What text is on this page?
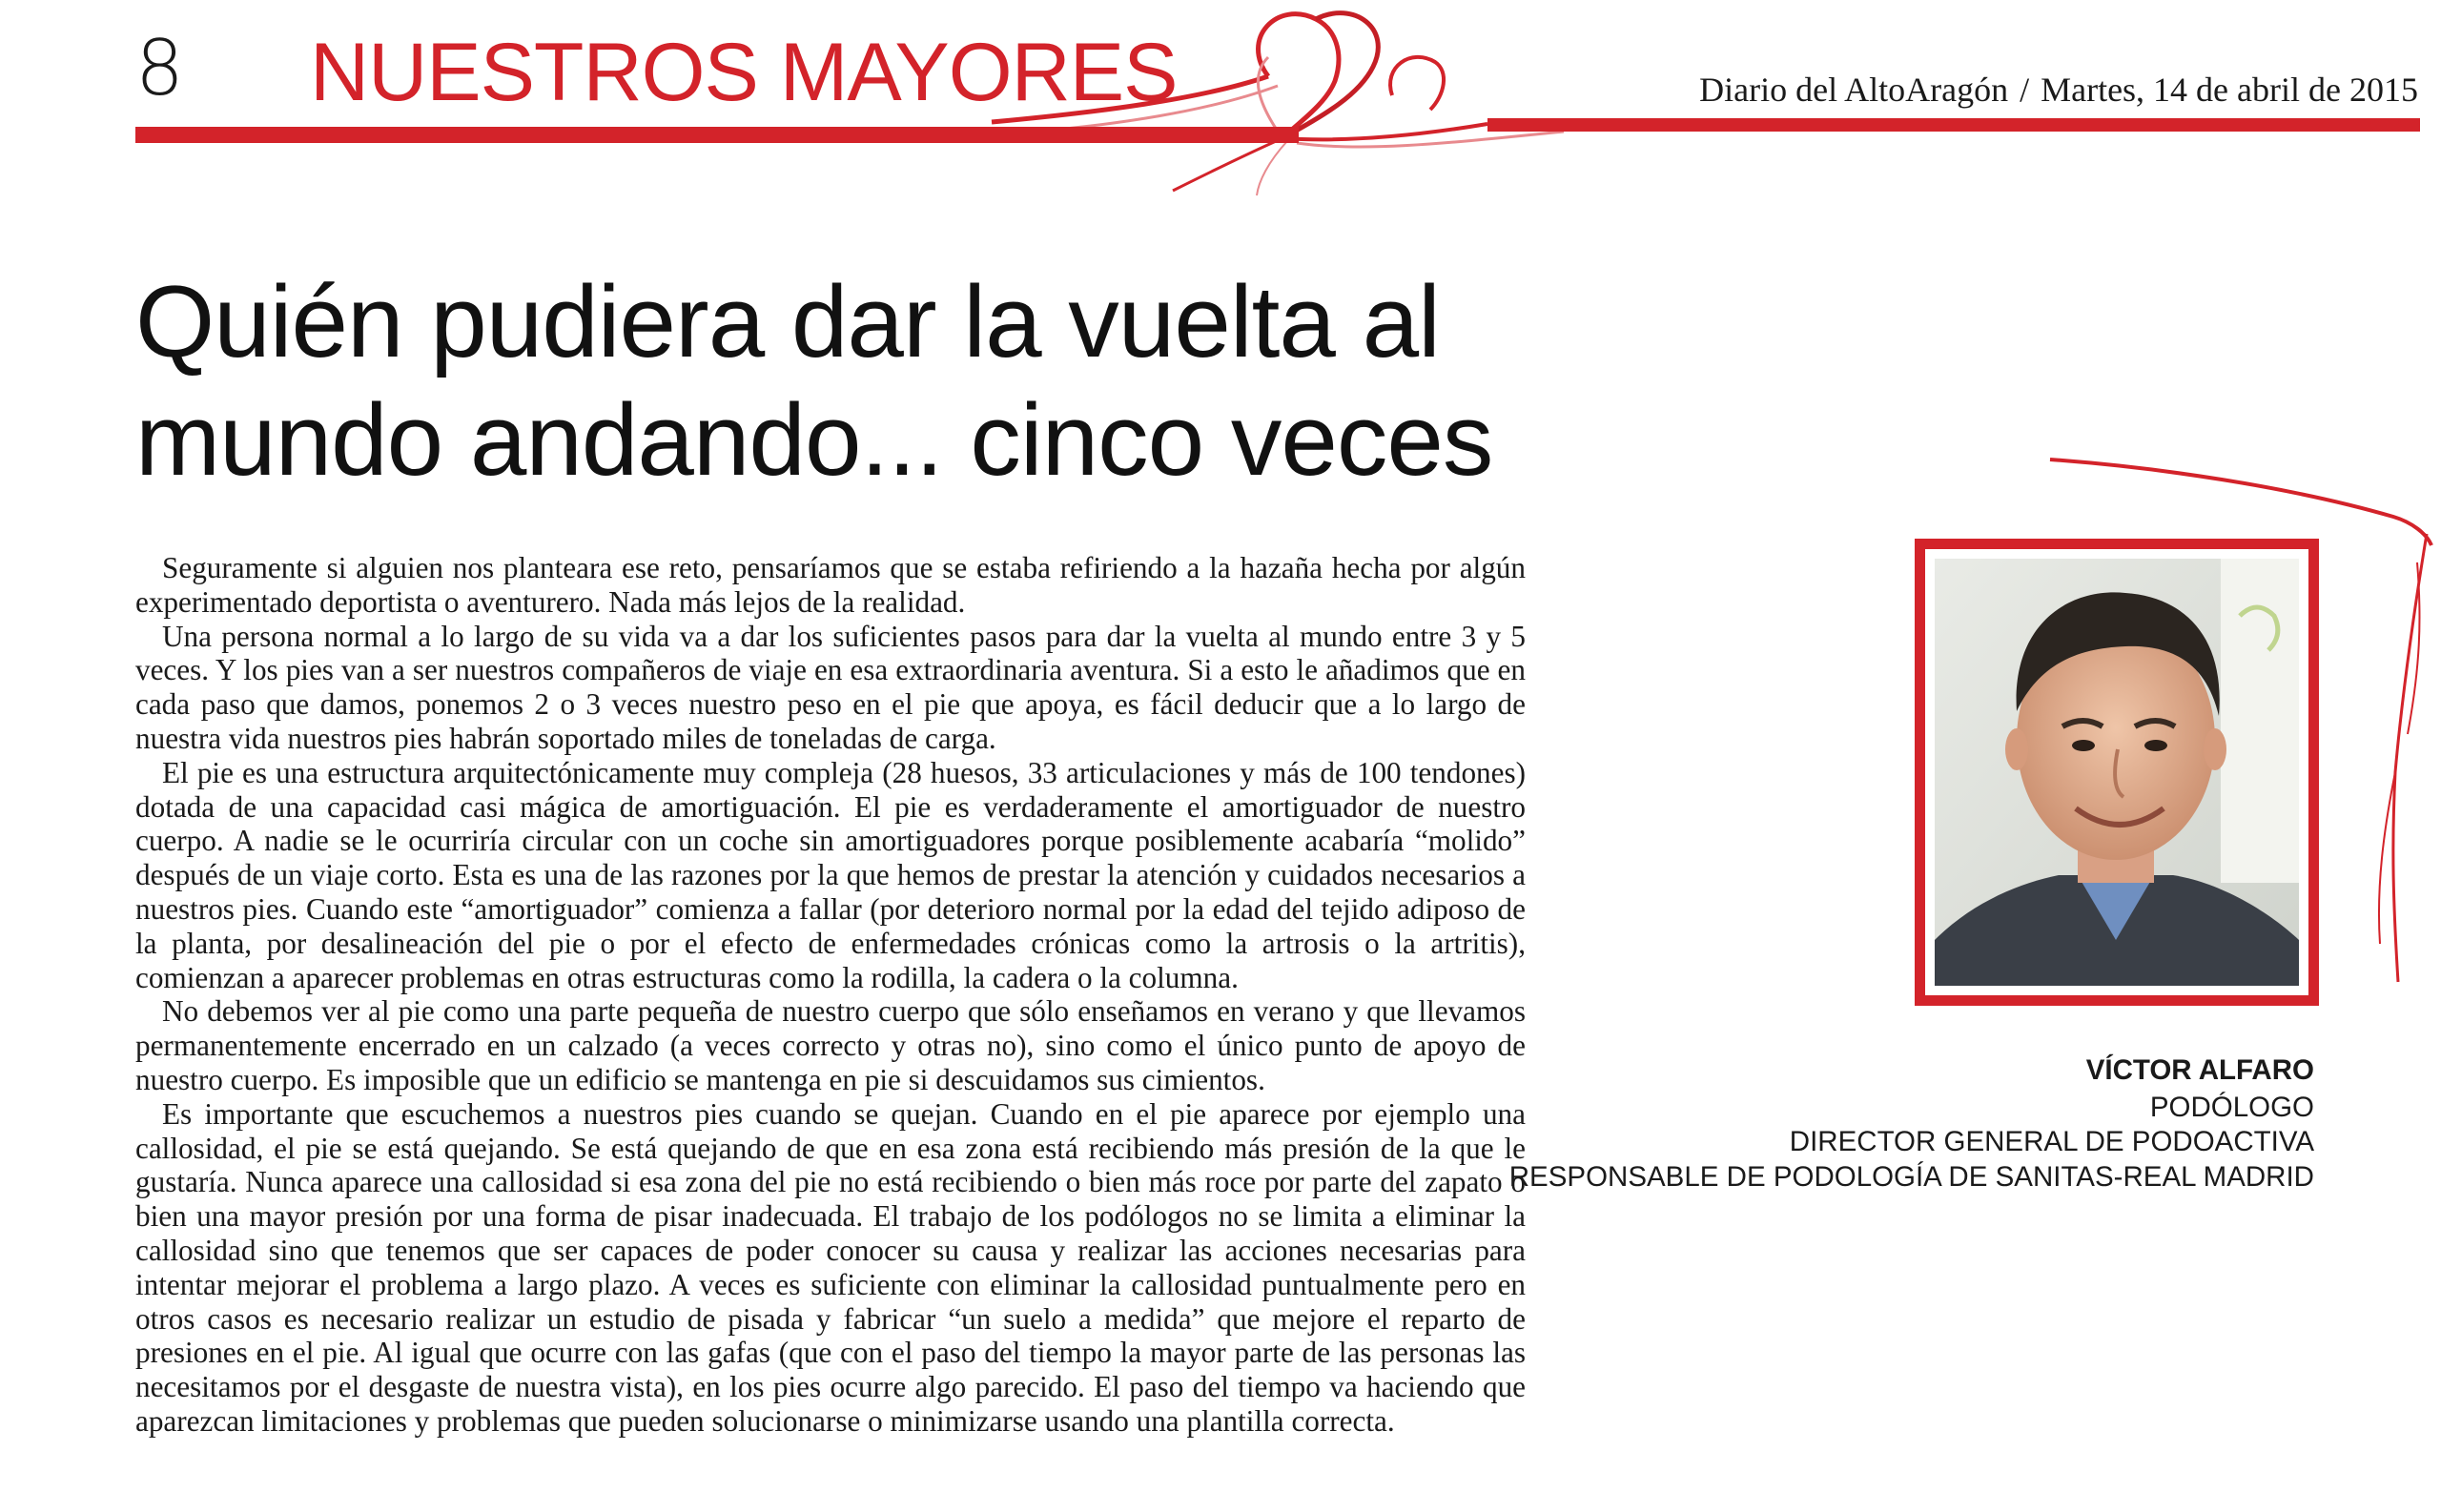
8 NUESTROS MAYORES	Diario del AltoAragón / Martes, 14 de abril de 2015
Quién pudiera dar la vuelta al mundo andando... cinco veces

Seguramente si alguien nos planteara ese reto, pensaríamos que se estaba refiriendo a la hazaña hecha por algún experimentado deportista o aventurero. Nada más lejos de la realidad.

Una persona normal a lo largo de su vida va a dar los suficientes pasos para dar la vuelta al mundo entre 3 y 5 veces. Y los pies van a ser nuestros compañeros de viaje en esa extraordinaria aventura. Si a esto le añadimos que en cada paso que damos, ponemos 2 o 3 veces nuestro peso en el pie que apoya, es fácil deducir que a lo largo de nuestra vida nuestros pies habrán soportado miles de toneladas de carga.

El pie es una estructura arquitectónicamente muy compleja (28 huesos, 33 articulaciones y más de 100 tendones) dotada de una capacidad casi mágica de amortiguación. El pie es verdaderamente el amortiguador de nuestro cuerpo. A nadie se le ocurriría circular con un coche sin amortiguadores porque posiblemente acabaría “molido” después de un viaje corto. Esta es una de las razones por la que hemos de prestar la atención y cuidados necesarios a nuestros pies. Cuando este “amortiguador” comienza a fallar (por deterioro normal por la edad del tejido adiposo de la planta, por desalineación del pie o por el efecto de enfermedades crónicas como la artrosis o la artritis), comienzan a aparecer problemas en otras estructuras como la rodilla, la cadera o la columna.

No debemos ver al pie como una parte pequeña de nuestro cuerpo que sólo enseñamos en verano y que llevamos permanentemente encerrado en un calzado (a veces correcto y otras no), sino como el único punto de apoyo de nuestro cuerpo. Es imposible que un edificio se mantenga en pie si descuidamos sus cimientos.

Es importante que escuchemos a nuestros pies cuando se quejan. Cuando en el pie aparece por ejemplo una callosidad, el pie se está quejando. Se está quejando de que en esa zona está recibiendo más presión de la que le gustaría. Nunca aparece una callosidad si esa zona del pie no está recibiendo o bien más roce por parte del zapato o bien una mayor presión por una forma de pisar inadecuada. El trabajo de los podólogos no se limita a eliminar la callosidad sino que tenemos que ser capaces de poder conocer su causa y realizar las acciones necesarias para intentar mejorar el problema a largo plazo. A veces es suficiente con eliminar la callosidad puntualmente pero en otros casos es necesario realizar un estudio de pisada y fabricar “un suelo a medida” que mejore el reparto de presiones en el pie. Al igual que ocurre con las gafas (que con el paso del tiempo la mayor parte de las personas las necesitamos por el desgaste de nuestra vista), en los pies ocurre algo parecido. El paso del tiempo va haciendo que aparezcan limitaciones y problemas que pueden solucionarse o minimizarse usando una plantilla correcta.

VÍCTOR ALFARO
PODÓLOGO
DIRECTOR GENERAL DE PODOACTIVA
RESPONSABLE DE PODOLOGÍA DE SANITAS-REAL MADRID
